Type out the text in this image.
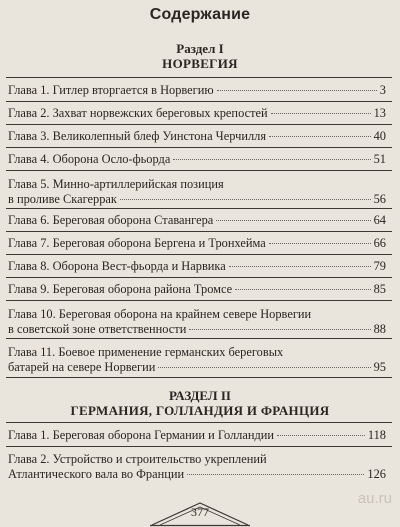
Содержание
Раздел I
НОРВЕГИЯ
Глава 1. Гитлер вторгается в Норвегию	3
Глава 2. Захват норвежских береговых крепостей	13
Глава 3. Великолепный блеф Уинстона Черчилля	40
Глава 4. Оборона Осло-фьорда	51
Глава 5. Минно-артиллерийская позиция
в проливе Скагеррак	56
Глава 6. Береговая оборона Ставангера	64
Глава 7. Береговая оборона Бергена и Тронхейма	66
Глава 8. Оборона Вест-фьорда и Нарвика	79
Глава 9. Береговая оборона района Тромсе	85
Глава 10. Береговая оборона на крайнем севере Норвегии
в советской зоне ответственности	88
Глава 11. Боевое применение германских береговых
батарей на севере Норвегии	95
РАЗДЕЛ II
ГЕРМАНИЯ, ГОЛЛАНДИЯ И ФРАНЦИЯ
Глава 1. Береговая оборона Германии и Голландии	118
Глава 2. Устройство и строительство укреплений
Атлантического вала во Франции	126
377
au.ru
